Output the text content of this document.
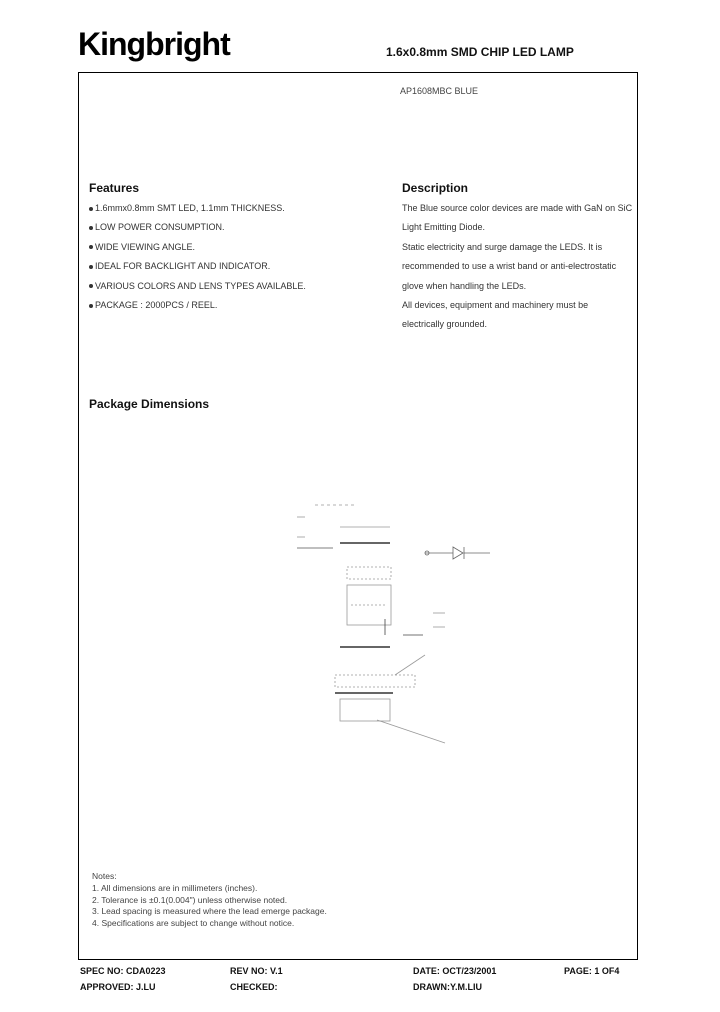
Kingbright	1.6x0.8mm SMD CHIP LED LAMP
AP1608MBC BLUE
Features
1.6mmx0.8mm SMT LED, 1.1mm THICKNESS.
LOW POWER CONSUMPTION.
WIDE VIEWING ANGLE.
IDEAL FOR BACKLIGHT AND INDICATOR.
VARIOUS COLORS AND LENS TYPES AVAILABLE.
PACKAGE : 2000PCS / REEL.
Description
The Blue source color devices are made with GaN on SiC
Light Emitting Diode.
Static electricity and surge damage the LEDS. It is
recommended to use a wrist band or anti-electrostatic
glove when handling the LEDs.
All devices, equipment and machinery must be
electrically grounded.
Package Dimensions
Notes:
1. All dimensions are in millimeters (inches).
2. Tolerance is ±0.1(0.004") unless otherwise noted.
3. Lead spacing is measured where the lead emerge package.
4. Specifications are subject to change without notice.
SPEC NO: CDA0223	REV NO: V.1	DATE: OCT/23/2001	PAGE: 1 OF4
APPROVED: J.LU	CHECKED:	DRAWN:Y.M.LIU
